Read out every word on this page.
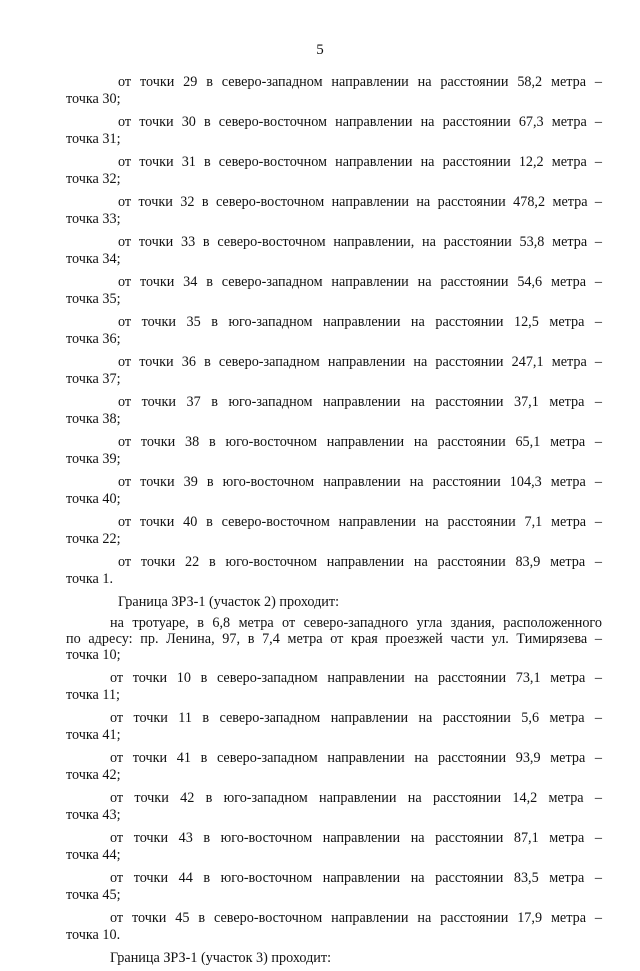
5
от точки 29 в северо-западном направлении на расстоянии 58,2 метра –
точка 30;
от точки 30 в северо-восточном направлении на расстоянии 67,3 метра –
точка 31;
от точки 31 в северо-восточном направлении на расстоянии 12,2 метра –
точка 32;
от точки 32 в северо-восточном направлении на расстоянии 478,2 метра –
точка 33;
от точки 33 в северо-восточном направлении, на расстоянии 53,8 метра –
точка 34;
от точки 34 в северо-западном направлении на расстоянии 54,6 метра –
точка 35;
от точки 35 в юго-западном направлении на расстоянии 12,5 метра –
точка 36;
от точки 36 в северо-западном направлении на расстоянии 247,1 метра –
точка 37;
от точки 37 в юго-западном направлении на расстоянии 37,1 метра –
точка 38;
от точки 38 в юго-восточном направлении на расстоянии 65,1 метра –
точка 39;
от точки 39 в юго-восточном направлении на расстоянии 104,3 метра –
точка 40;
от точки 40 в северо-восточном направлении на расстоянии 7,1 метра –
точка 22;
от точки 22 в юго-восточном направлении на расстоянии 83,9 метра –
точка 1.
Граница ЗРЗ-1 (участок 2) проходит:
на тротуаре, в 6,8 метра от северо-западного угла здания, расположенного
по адресу: пр. Ленина, 97, в 7,4 метра от края проезжей части ул. Тимирязева –
точка 10;
от точки 10 в северо-западном направлении на расстоянии 73,1 метра –
точка 11;
от точки 11 в северо-западном направлении на расстоянии 5,6 метра –
точка 41;
от точки 41 в северо-западном направлении на расстоянии 93,9 метра –
точка 42;
от точки 42 в юго-западном направлении на расстоянии 14,2 метра –
точка 43;
от точки 43 в юго-восточном направлении на расстоянии 87,1 метра –
точка 44;
от точки 44 в юго-восточном направлении на расстоянии 83,5 метра –
точка 45;
от точки 45 в северо-восточном направлении на расстоянии 17,9 метра –
точка 10.
Граница ЗРЗ-1 (участок 3) проходит:
